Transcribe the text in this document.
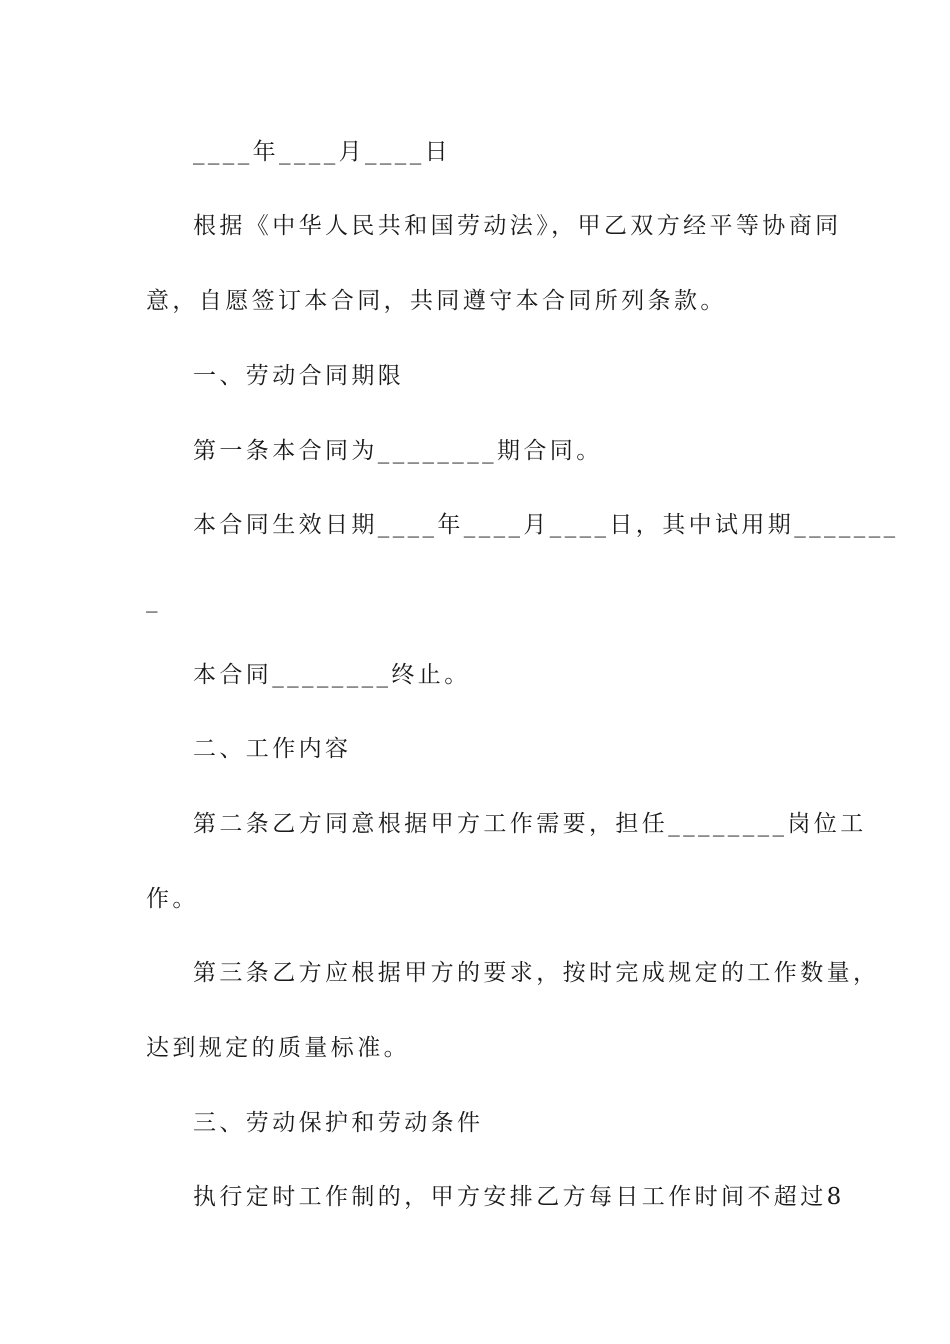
____年____月____日
根据《中华人民共和国劳动法》，甲乙双方经平等协商同
意，自愿签订本合同，共同遵守本合同所列条款。
一、劳动合同期限
第一条本合同为________期合同。
本合同生效日期____年____月____日，其中试用期_______
_
本合同________终止。
二、工作内容
第二条乙方同意根据甲方工作需要，担任________岗位工
作。
第三条乙方应根据甲方的要求，按时完成规定的工作数量，
达到规定的质量标准。
三、劳动保护和劳动条件
执行定时工作制的，甲方安排乙方每日工作时间不超过8
